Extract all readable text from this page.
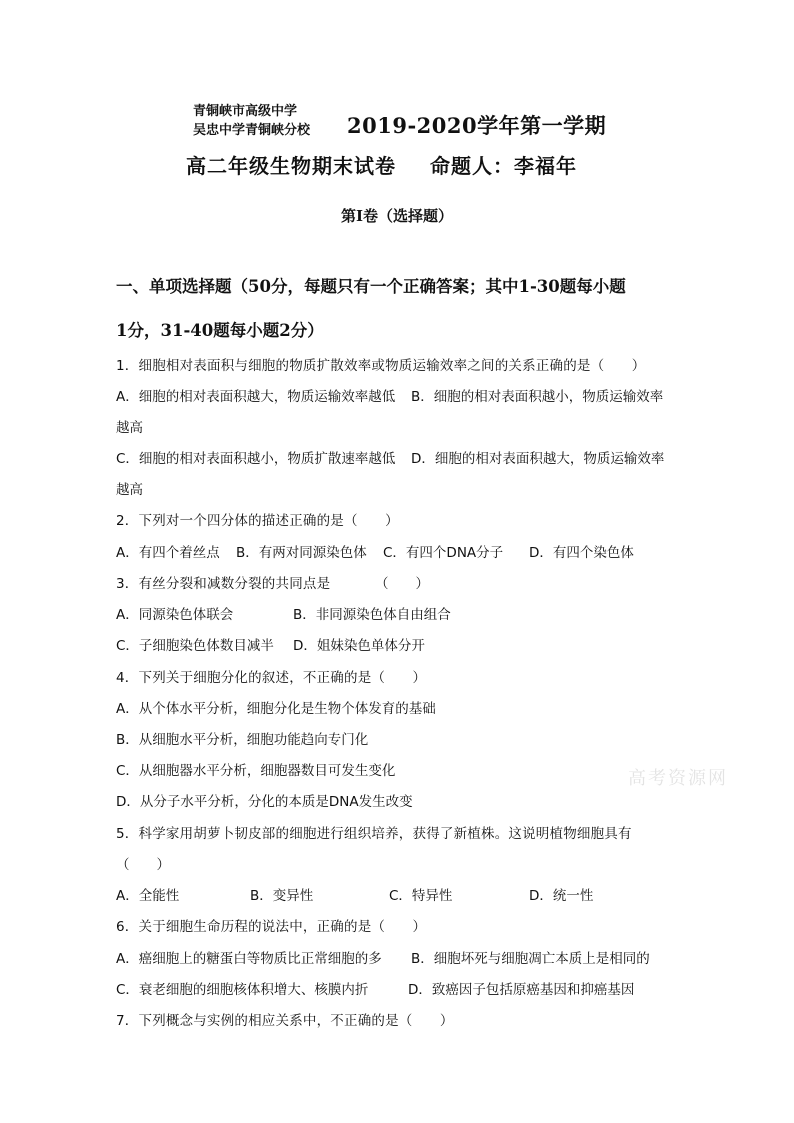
青铜峡市高级中学
吴忠中学青铜峡分校 2019-2020学年第一学期
高二年级生物期末试卷 命题人：李福年
第Ⅰ卷（选择题）
一、单项选择题（50分，每题只有一个正确答案；其中1-30题每小题
1分，31-40题每小题2分）
1．细胞相对表面积与细胞的物质扩散效率或物质运输效率之间的关系正确的是（　　）
A．细胞的相对表面积越大，物质运输效率越低 B．细胞的相对表面积越小，物质运输效率
越高
C．细胞的相对表面积越小，物质扩散速率越低 D．细胞的相对表面积越大，物质运输效率
越高
2．下列对一个四分体的描述正确的是（　　）
A．有四个着丝点 B．有两对同源染色体 C．有四个DNA分子 D．有四个染色体
3．有丝分裂和减数分裂的共同点是	（　　）
A．同源染色体联会	B．非同源染色体自由组合
C．子细胞染色体数目减半 D．姐妹染色单体分开
4．下列关于细胞分化的叙述，不正确的是（　　）
A．从个体水平分析，细胞分化是生物个体发育的基础
B．从细胞水平分析，细胞功能趋向专门化
C．从细胞器水平分析，细胞器数目可发生变化
D．从分子水平分析，分化的本质是DNA发生改变
5．科学家用胡萝卜韧皮部的细胞进行组织培养，获得了新植株。这说明植物细胞具有
（　　）
A．全能性	B．变异性	C．特异性	D．统一性
6．关于细胞生命历程的说法中，正确的是（　　）
A．癌细胞上的糖蛋白等物质比正常细胞的多 B．细胞坏死与细胞凋亡本质上是相同的
C．衰老细胞的细胞核体积增大、核膜内折	D．致癌因子包括原癌基因和抑癌基因
7．下列概念与实例的相应关系中，不正确的是（　　）
高考资源网
